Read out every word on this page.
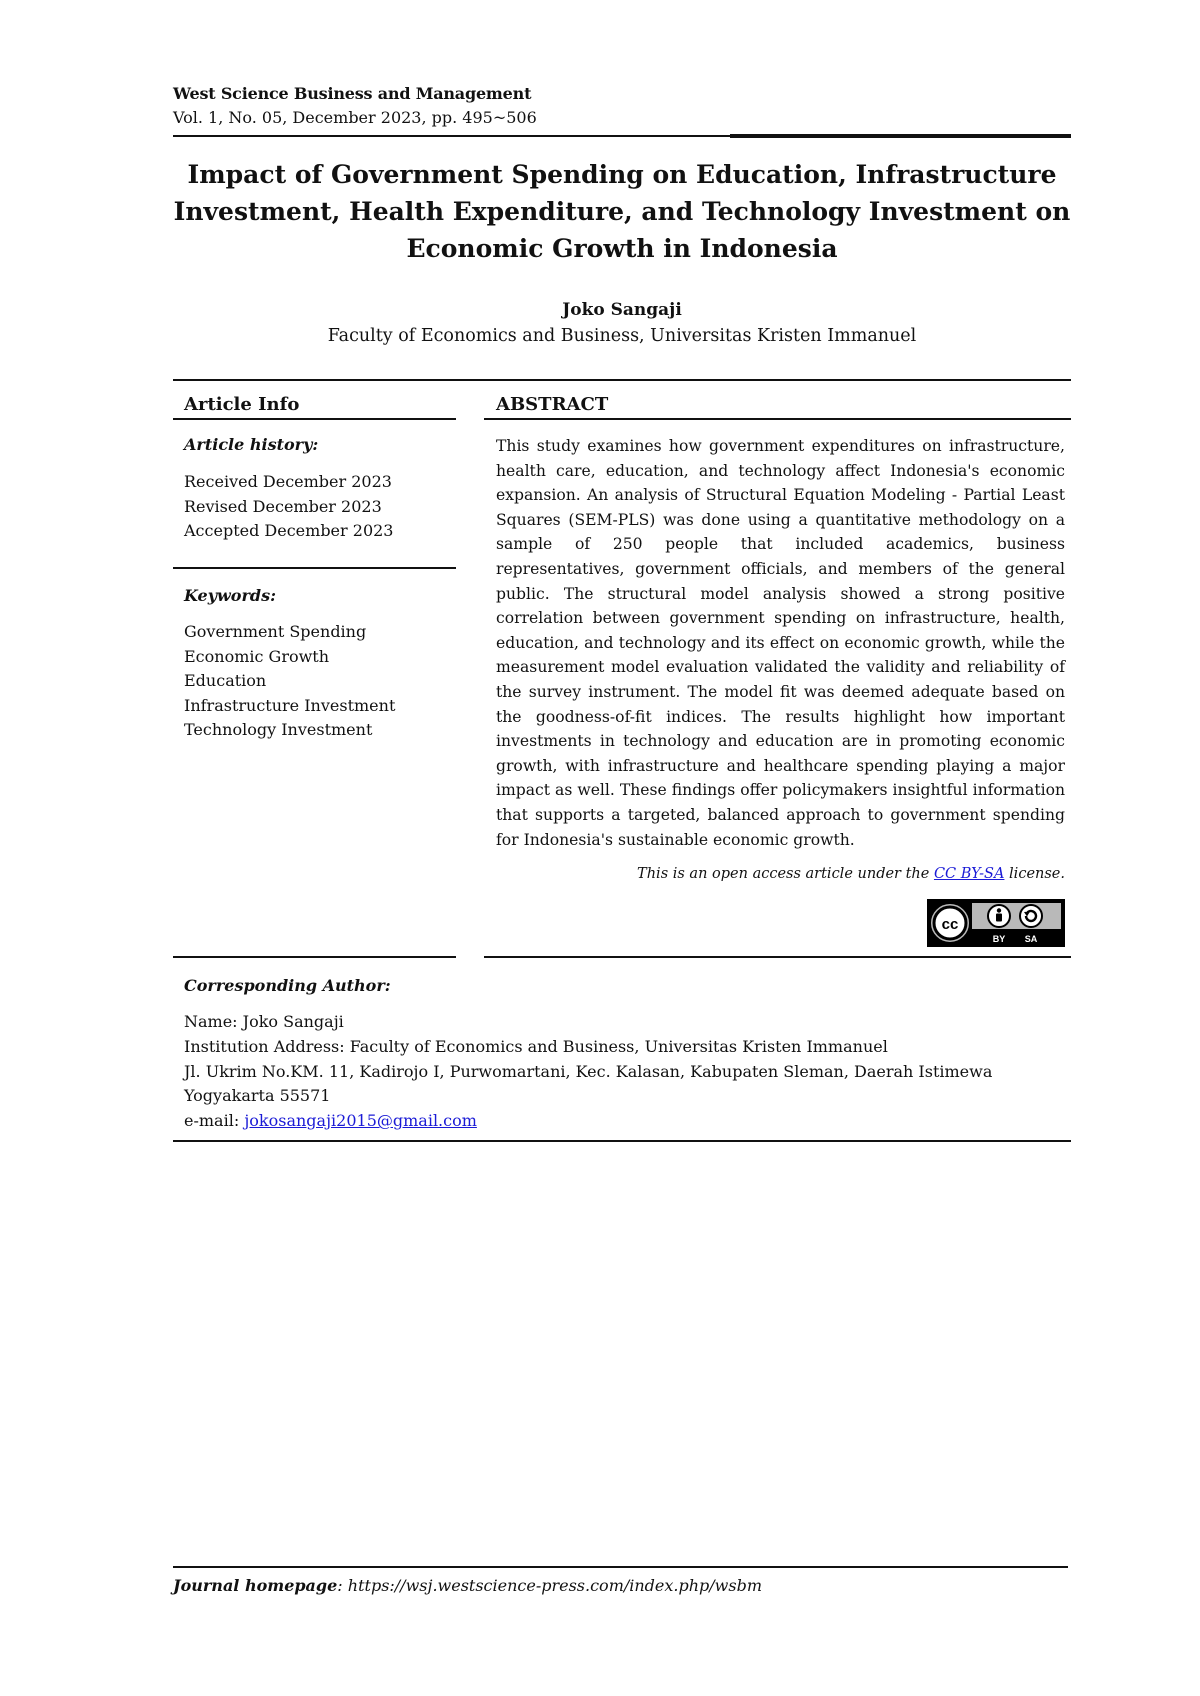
West Science Business and Management
Vol. 1, No. 05, December 2023, pp. 495~506
Impact of Government Spending on Education, Infrastructure
Investment, Health Expenditure, and Technology Investment on
Economic Growth in Indonesia
Joko Sangaji
Faculty of Economics and Business, Universitas Kristen Immanuel
Article Info
Article history:
Received December 2023
Revised December 2023
Accepted December 2023
Keywords:
Government Spending
Economic Growth
Education
Infrastructure Investment
Technology Investment
ABSTRACT
This study examines how government expenditures on infrastructure, health care, education, and technology affect Indonesia's economic expansion. An analysis of Structural Equation Modeling - Partial Least Squares (SEM-PLS) was done using a quantitative methodology on a sample of 250 people that included academics, business representatives, government officials, and members of the general public. The structural model analysis showed a strong positive correlation between government spending on infrastructure, health, education, and technology and its effect on economic growth, while the measurement model evaluation validated the validity and reliability of the survey instrument. The model fit was deemed adequate based on the goodness-of-fit indices. The results highlight how important investments in technology and education are in promoting economic growth, with infrastructure and healthcare spending playing a major impact as well. These findings offer policymakers insightful information that supports a targeted, balanced approach to government spending for Indonesia's sustainable economic growth.
This is an open access article under the CC BY-SA license.
cc
BY SA
Corresponding Author:
Name: Joko Sangaji
Institution Address: Faculty of Economics and Business, Universitas Kristen Immanuel
Jl. Ukrim No.KM. 11, Kadirojo I, Purwomartani, Kec. Kalasan, Kabupaten Sleman, Daerah Istimewa
Yogyakarta 55571
e-mail: jokosangaji2015@gmail.com
Journal homepage: https://wsj.westscience-press.com/index.php/wsbm
